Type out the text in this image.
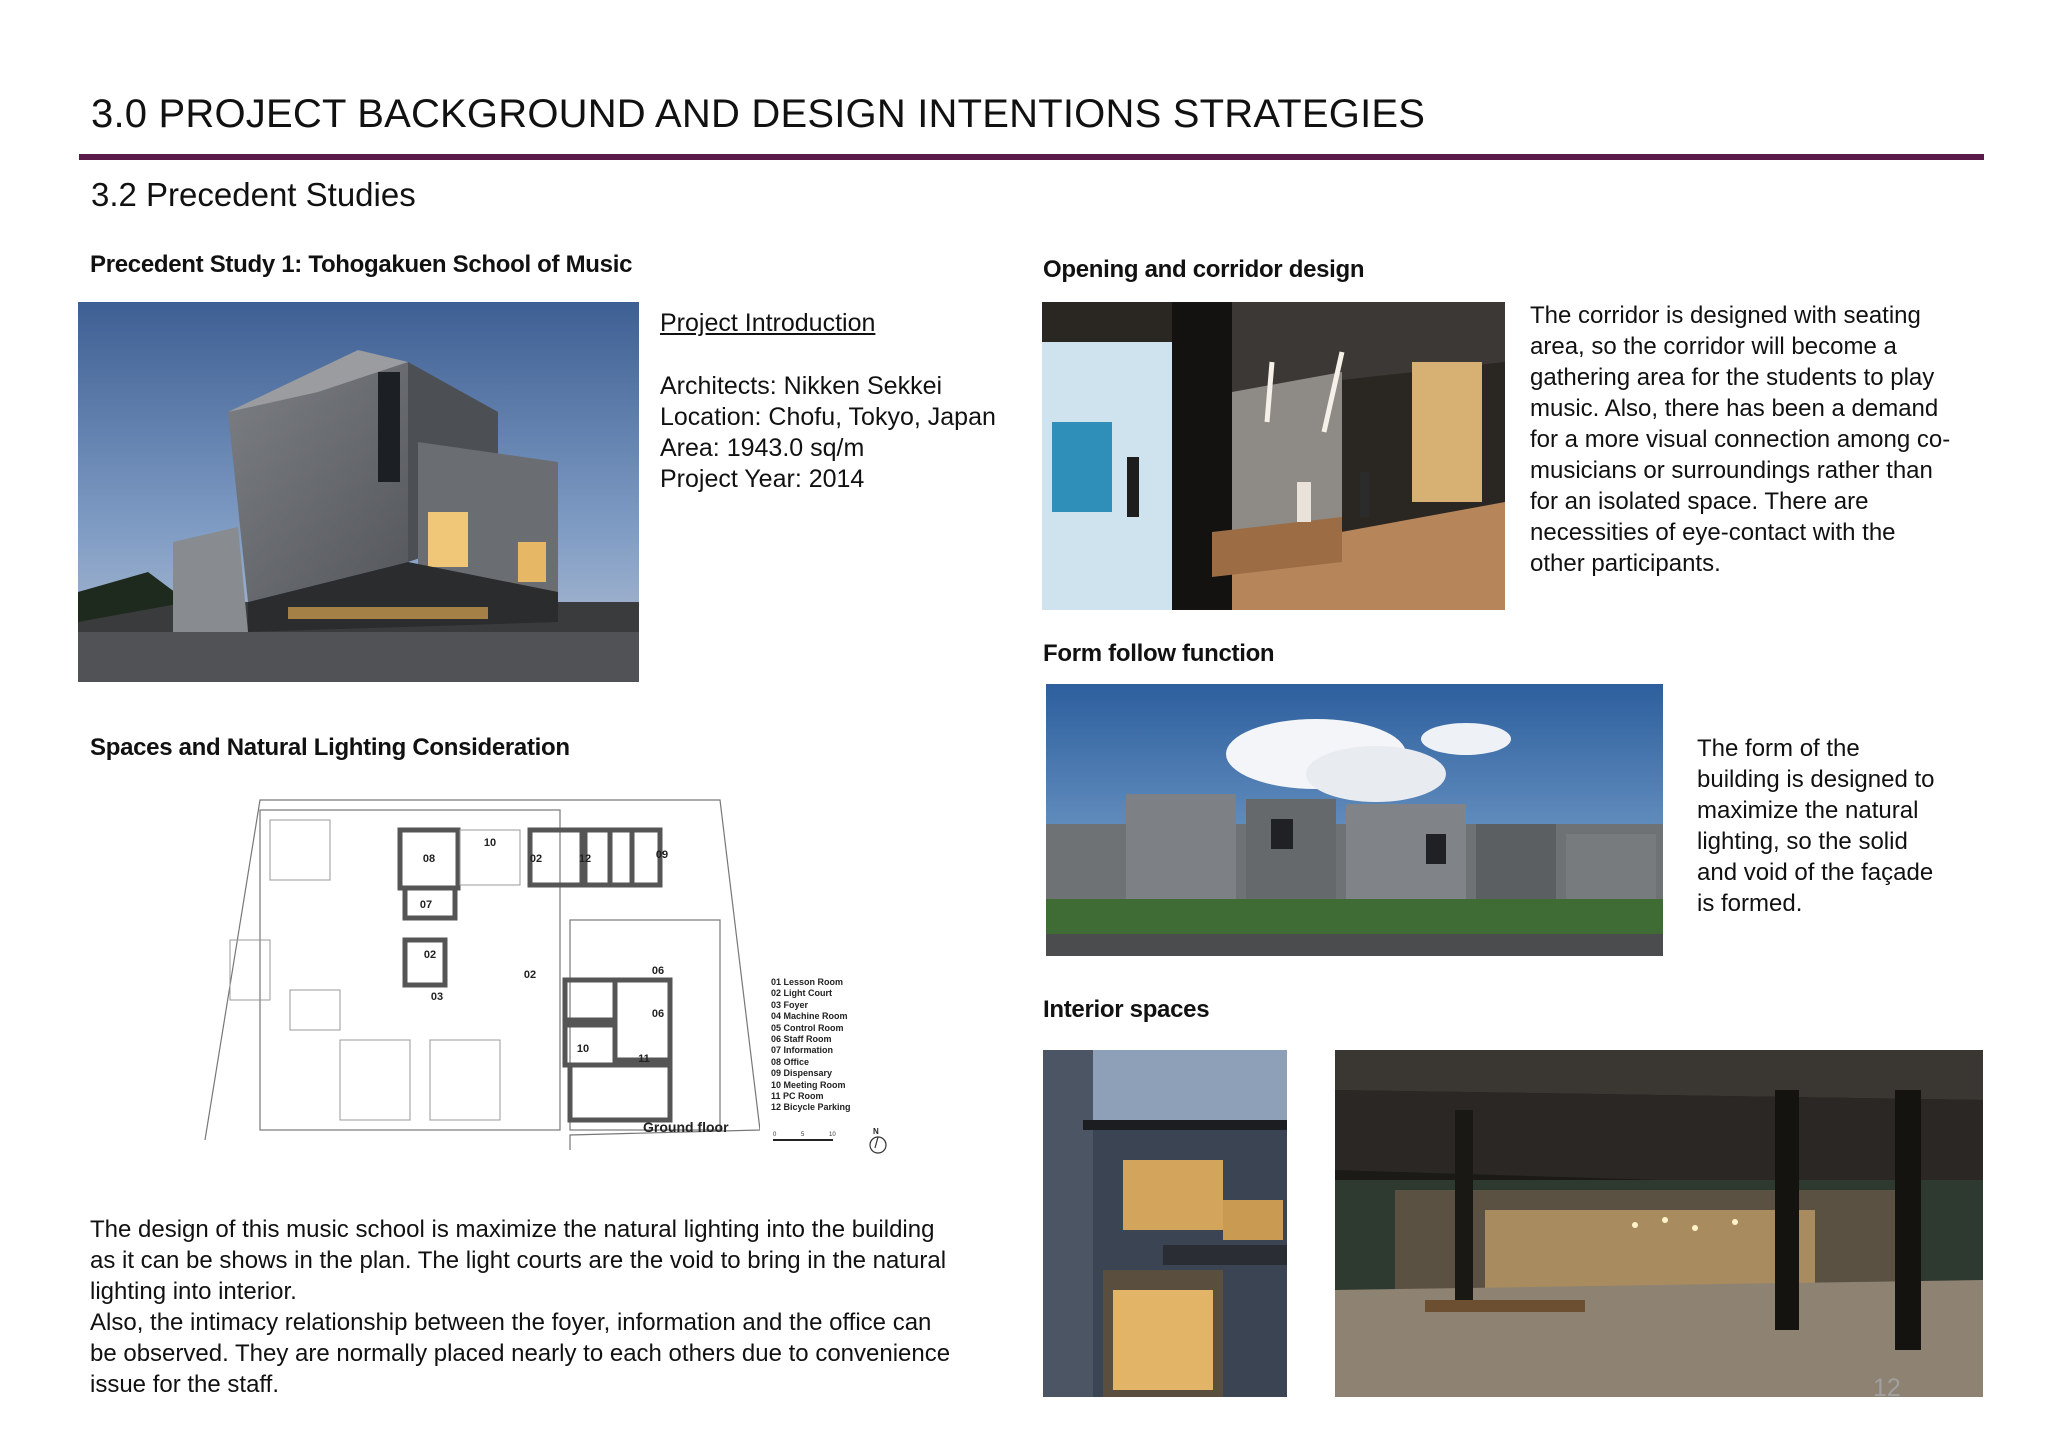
3.0 PROJECT BACKGROUND AND DESIGN INTENTIONS STRATEGIES
3.2 Precedent Studies
Precedent Study 1: Tohogakuen School of Music
Project Introduction
Architects: Nikken Sekkei
Location: Chofu, Tokyo, Japan
Area: 1943.0 sq/m
Project Year: 2014
Spaces and Natural Lighting Consideration
08
10
02	12	09
07
02
02
03
06
06
10
11
Ground floor
01 Lesson Room
02 Light Court
03 Foyer
04 Machine Room
05 Control Room
06 Staff Room
07 Information
08 Office
09 Dispensary
10 Meeting Room
11 PC Room
12 Bicycle Parking
0	5	10	N
The design of this music school is maximize the natural lighting into the building
as it can be shows in the plan. The light courts are the void to bring in the natural
lighting into interior.
Also, the intimacy relationship between the foyer, information and the office can
be observed. They are normally placed nearly to each others due to convenience
issue for the staff.
Opening and corridor design
The corridor is designed with seating
area, so the corridor will become a
gathering area for the students to play
music. Also, there has been a demand
for a more visual connection among co-
musicians or surroundings rather than
for an isolated space. There are
necessities of eye-contact with the
other participants.
Form follow function
The form of the
building is designed to
maximize the natural
lighting, so the solid
and void of the façade
is formed.
Interior spaces
12
